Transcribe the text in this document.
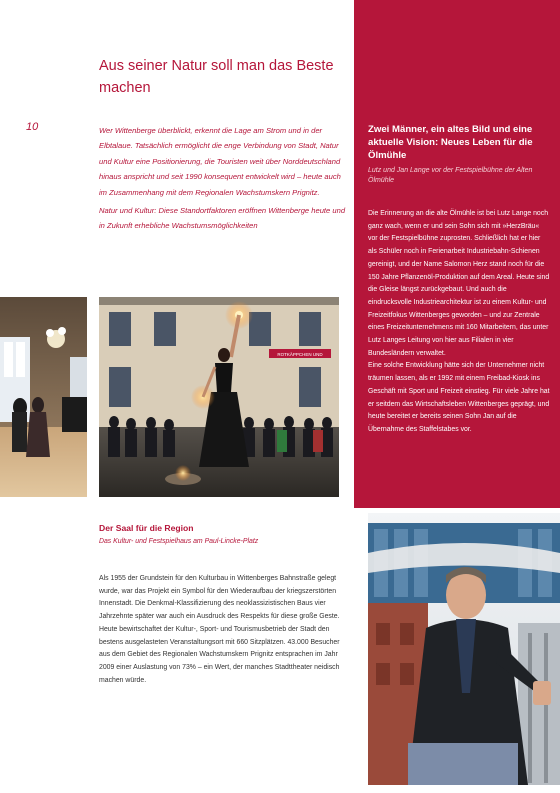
Aus seiner Natur soll man das Beste machen
10	Wer Wittenberge überblickt, erkennt die Lage am Strom und in der Elbtalaue. Tatsächlich ermöglicht die enge Verbindung von Stadt, Natur und Kultur eine Positionierung, die Touristen weit über Norddeutschland hinaus anspricht und seit 1990 konsequent entwickelt wird – heute auch im Zusammenhang mit dem Regionalen Wachstumskern Prignitz.

Natur und Kultur: Diese Standortfaktoren eröffnen Wittenberge heute und in Zukunft erhebliche Wachstumsmöglichkeiten

Zwei Männer, ein altes Bild und eine aktuelle Vision: Neues Leben für die Ölmühle
Lutz und Jan Lange vor der Festspielbühne der Alten Ölmühle

Die Erinnerung an die alte Ölmühle ist bei Lutz Lange noch ganz wach, wenn er und sein Sohn sich mit »HerzBräu« vor der Festspielbühne zuprosten. Schließlich hat er hier als Schüler noch in Ferienarbeit Industriebahn-Schienen gereinigt, und der Name Salomon Herz stand noch für die 150 Jahre Pflanzenöl-Produktion auf dem Areal. Heute sind die Gleise längst zurückgebaut. Und auch die eindrucksvolle Industriearchitektur ist zu einem Kultur- und Freizeitfokus Wittenberges geworden – und zur Zentrale eines Freizeitunternehmens mit 160 Mitarbeitern, das unter Lutz Langes Leitung von hier aus Filialen in vier Bundesländern verwaltet.

Eine solche Entwicklung hätte sich der Unternehmer nicht träumen lassen, als er 1992 mit einem Freibad-Kiosk ins Geschäft mit Sport und Freizeit einstieg. Für viele Jahre hat er seitdem das Wirtschaftsleben Wittenberges geprägt, und heute bereitet er bereits seinen Sohn Jan auf die Übernahme des Staffelstabes vor.

ROTKÄPPCHEN UND
Der Saal für die Region
Das Kultur- und Festspielhaus am Paul-Lincke-Platz
Als 1955 der Grundstein für den Kulturbau in Wittenberges Bahnstraße gelegt wurde, war das Projekt ein Symbol für den Wiederaufbau der kriegszerstörten Innenstadt. Die Denkmal-Klassifizierung des neoklassizistischen Baus vier Jahrzehnte später war auch ein Ausdruck des Respekts für diese große Geste. Heute bewirtschaftet der Kultur-, Sport- und Tourismusbetrieb der Stadt den bestens ausgelasteten Veranstaltungsort mit 660 Sitzplätzen. 43.000 Besucher aus dem Gebiet des Regionalen Wachstumskern Prignitz entsprachen im Jahr 2009 einer Auslastung von 73% – ein Wert, der manches Stadttheater neidisch machen würde.
